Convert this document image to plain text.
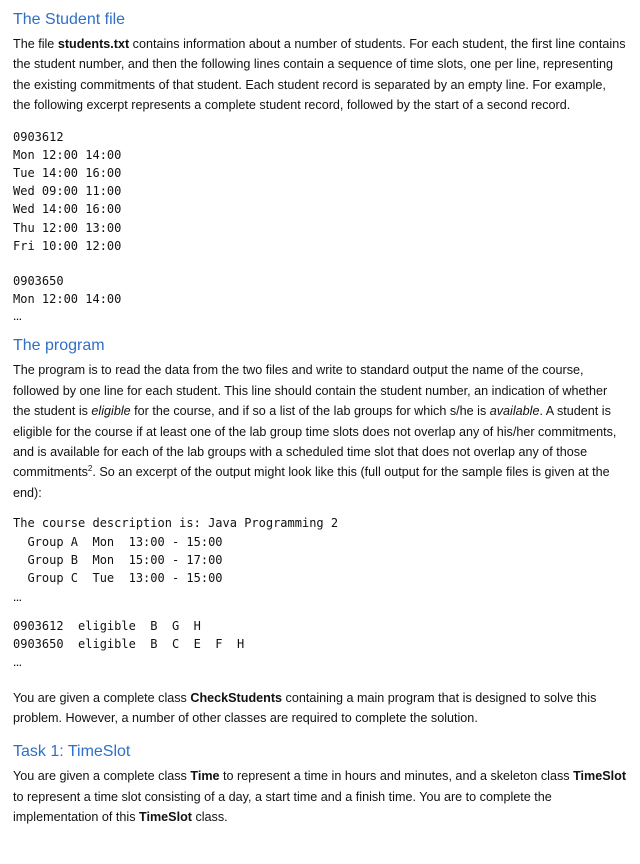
The Student file

The file students.txt contains information about a number of students. For each student, the first line contains the student number, and then the following lines contain a sequence of time slots, one per line, representing the existing commitments of that student. Each student record is separated by an empty line. For example, the following excerpt represents a complete student record, followed by the start of a second record.

0903612
Mon 12:00 14:00
Tue 14:00 16:00
Wed 09:00 11:00
Wed 14:00 16:00
Thu 12:00 13:00
Fri 10:00 12:00
0903650
Mon 12:00 14:00
…
The program

The program is to read the data from the two files and write to standard output the name of the course, followed by one line for each student. This line should contain the student number, an indication of whether the student is eligible for the course, and if so a list of the lab groups for which s/he is available. A student is eligible for the course if at least one of the lab group time slots does not overlap any of his/her commitments, and is available for each of the lab groups with a scheduled time slot that does not overlap any of those commitments$^2$. So an excerpt of the output might look like this (full output for the sample files is given at the end):

The course description is: Java Programming 2
Group A  Mon  13:00 - 15:00
Group B  Mon  15:00 - 17:00
Group C  Tue  13:00 - 15:00
…
0903612  eligible  B  G  H
0903650  eligible  B  C  E  F  H
…

You are given a complete class CheckStudents containing a main program that is designed to solve this problem. However, a number of other classes are required to complete the solution.

Task 1: TimeSlot

You are given a complete class Time to represent a time in hours and minutes, and a skeleton class TimeSlot to represent a time slot consisting of a day, a start time and a finish time. You are to complete the implementation of this TimeSlot class.
